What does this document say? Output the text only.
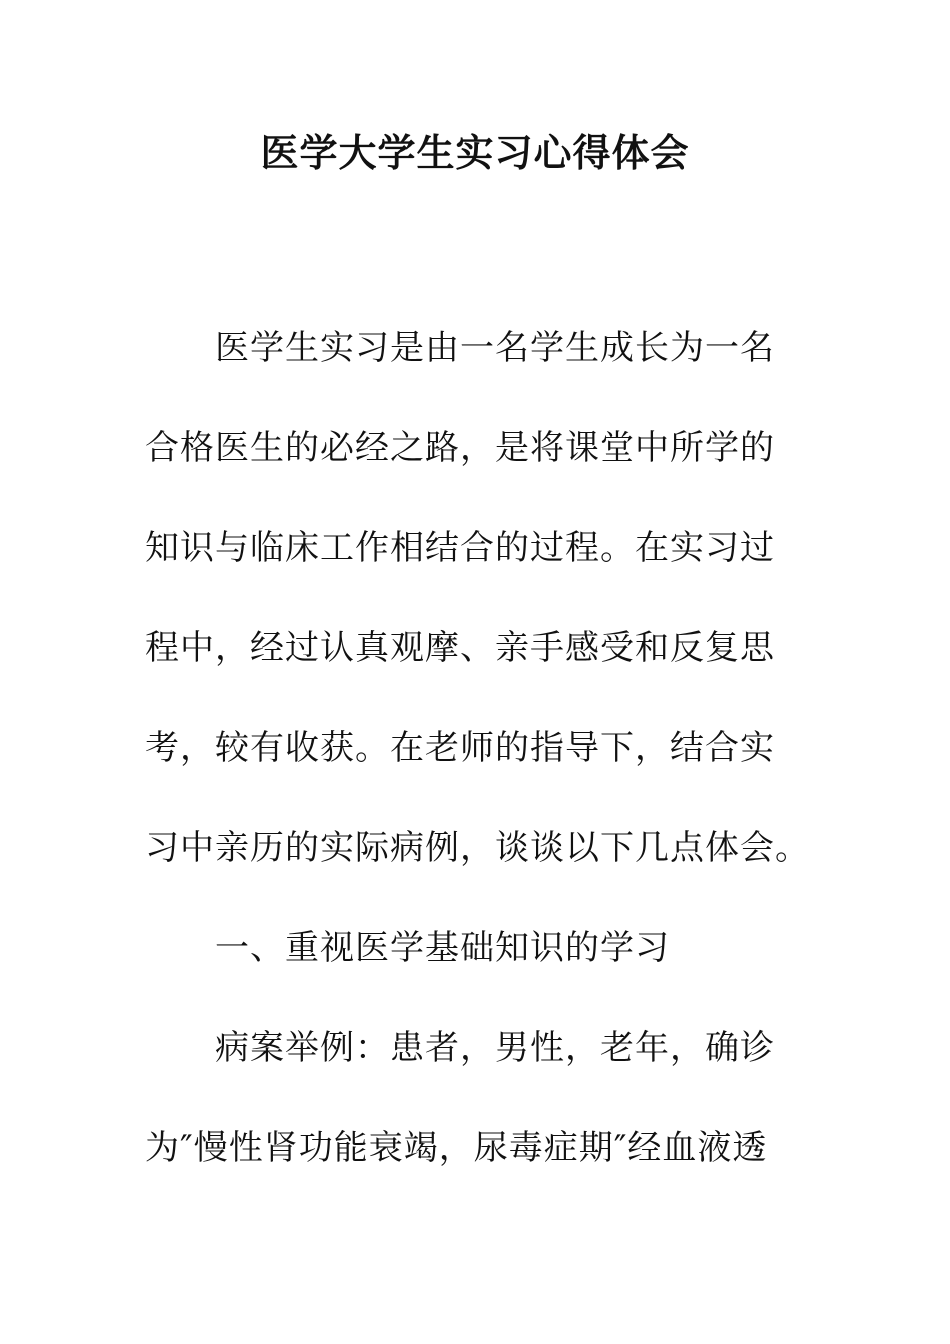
医学大学生实习心得体会
医学生实习是由一名学生成长为一名
合格医生的必经之路，是将课堂中所学的
知识与临床工作相结合的过程。在实习过
程中，经过认真观摩、亲手感受和反复思
考，较有收获。在老师的指导下，结合实
习中亲历的实际病例，谈谈以下几点体会。
一、重视医学基础知识的学习
病案举例：患者，男性，老年，确诊
为″慢性肾功能衰竭，尿毒症期″经血液透
